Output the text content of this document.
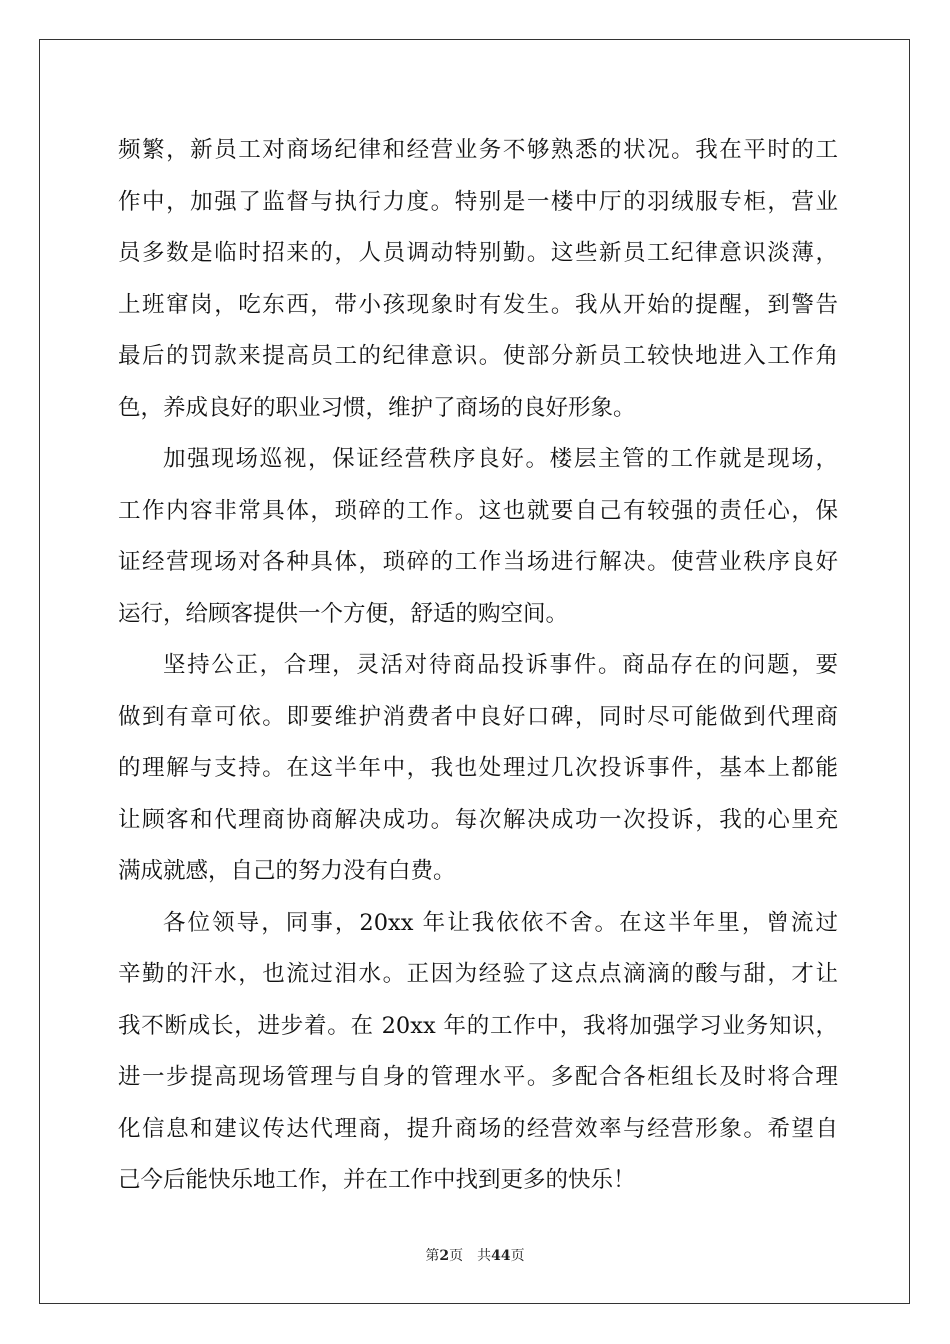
频繁，新员工对商场纪律和经营业务不够熟悉的状况。我在平时的工
作中，加强了监督与执行力度。特别是一楼中厅的羽绒服专柜，营业
员多数是临时招来的，人员调动特别勤。这些新员工纪律意识淡薄，
上班窜岗，吃东西，带小孩现象时有发生。我从开始的提醒，到警告
最后的罚款来提高员工的纪律意识。使部分新员工较快地进入工作角
色，养成良好的职业习惯，维护了商场的良好形象。
加强现场巡视，保证经营秩序良好。楼层主管的工作就是现场，
工作内容非常具体，琐碎的工作。这也就要自己有较强的责任心，保
证经营现场对各种具体，琐碎的工作当场进行解决。使营业秩序良好
运行，给顾客提供一个方便，舒适的购空间。
坚持公正，合理，灵活对待商品投诉事件。商品存在的问题，要
做到有章可依。即要维护消费者中良好口碑，同时尽可能做到代理商
的理解与支持。在这半年中，我也处理过几次投诉事件，基本上都能
让顾客和代理商协商解决成功。每次解决成功一次投诉，我的心里充
满成就感，自己的努力没有白费。
各位领导，同事，20xx 年让我依依不舍。在这半年里，曾流过
辛勤的汗水，也流过泪水。正因为经验了这点点滴滴的酸与甜，才让
我不断成长，进步着。在 20xx 年的工作中，我将加强学习业务知识，
进一步提高现场管理与自身的管理水平。多配合各柜组长及时将合理
化信息和建议传达代理商，提升商场的经营效率与经营形象。希望自
己今后能快乐地工作，并在工作中找到更多的快乐！
第2页 共44页
